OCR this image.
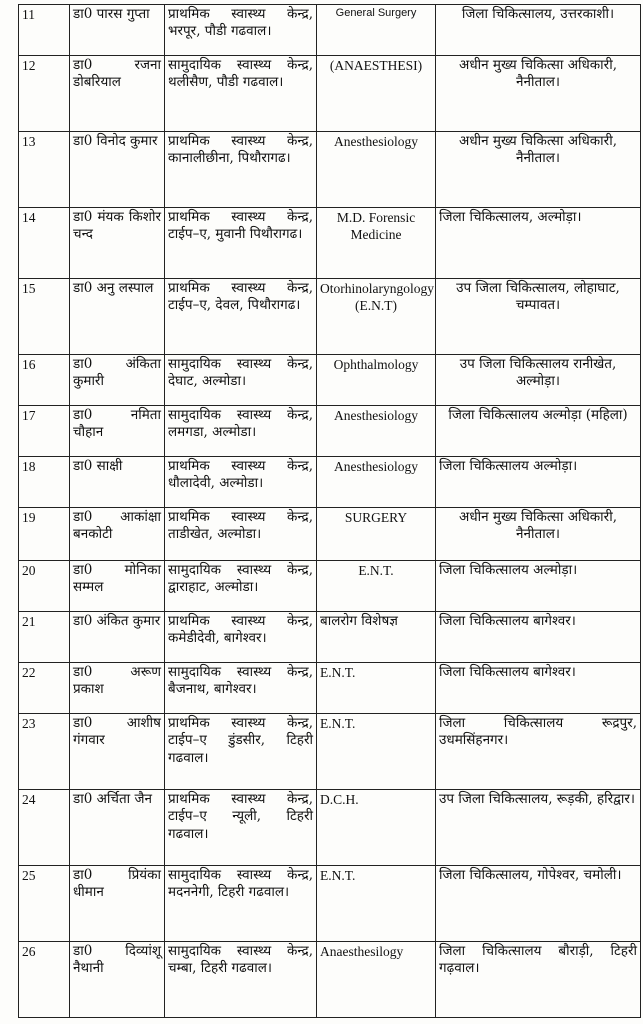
11	डा0 पारस गुप्ता	प्राथमिक स्वास्थ्य केन्द्र, भरपूर, पौडी गढवाल।	General Surgery	जिला चिकित्सालय, उत्तरकाशी।
12	डा0 रजना डोबरियाल	सामुदायिक स्वास्थ्य केन्द्र, थलीसैण, पौडी गढवाल।	(ANAESTHESI)	अधीन मुख्य चिकित्सा अधिकारी, नैनीताल।
13	डा0 विनोद कुमार	प्राथमिक स्वास्थ्य केन्द्र, कानालीछीना, पिथौरागढ।	Anesthesiology	अधीन मुख्य चिकित्सा अधिकारी, नैनीताल।
14	डा0 मंयक किशोर चन्द	प्राथमिक स्वास्थ्य केन्द्र, टाईप–ए, मुवानी पिथौरागढ।	M.D. Forensic Medicine	जिला चिकित्सालय, अल्मोड़ा।
15	डा0 अनु लस्पाल	प्राथमिक स्वास्थ्य केन्द्र, टाईप–ए, देवल, पिथौरागढ।	Otorhinolaryngology (E.N.T)	उप जिला चिकित्सालय, लोहाघाट, चम्पावत।
16	डा0 अंकिता कुमारी	सामुदायिक स्वास्थ्य केन्द्र, देघाट, अल्मोडा।	Ophthalmology	उप जिला चिकित्सालय रानीखेत, अल्मोड़ा।
17	डा0 नमिता चौहान	सामुदायिक स्वास्थ्य केन्द्र, लमगडा, अल्मोडा।	Anesthesiology	जिला चिकित्सालय अल्मोड़ा (महिला)
18	डा0 साक्षी	प्राथमिक स्वास्थ्य केन्द्र, धौलादेवी, अल्मोडा।	Anesthesiology	जिला चिकित्सालय अल्मोड़ा।
19	डा0 आकांक्षा बनकोटी	प्राथमिक स्वास्थ्य केन्द्र, ताडीखेत, अल्मोडा।	SURGERY	अधीन मुख्य चिकित्सा अधिकारी, नैनीताल।
20	डा0 मोनिका सम्मल	सामुदायिक स्वास्थ्य केन्द्र, द्वाराहाट, अल्मोडा।	E.N.T.	जिला चिकित्सालय अल्मोड़ा।
21	डा0 अंकित कुमार	प्राथमिक स्वास्थ्य केन्द्र, कमेडीदेवी, बागेश्वर।	बालरोग विशेषज्ञ	जिला चिकित्सालय बागेश्वर।
22	डा0 अरूण प्रकाश	सामुदायिक स्वास्थ्य केन्द्र, बैजनाथ, बागेश्वर।	E.N.T.	जिला चिकित्सालय बागेश्वर।
23	डा0 आशीष गंगवार	प्राथमिक स्वास्थ्य केन्द्र, टाईप–ए डुंडसीर, टिहरी गढवाल।	E.N.T.	जिला चिकित्सालय रूद्रपुर, उधमसिंहनगर।
24	डा0 अर्चिता जैन	प्राथमिक स्वास्थ्य केन्द्र, टाईप–ए न्यूली, टिहरी गढवाल।	D.C.H.	उप जिला चिकित्सालय, रूड़की, हरिद्वार।
25	डा0 प्रियंका धीमान	सामुदायिक स्वास्थ्य केन्द्र, मदननेगी, टिहरी गढवाल।	E.N.T.	जिला चिकित्सालय, गोपेश्वर, चमोली।
26	डा0 दिव्यांशू नैथानी	सामुदायिक स्वास्थ्य केन्द्र, चम्बा, टिहरी गढवाल।	Anaesthesilogy	जिला चिकित्सालय बौराड़ी, टिहरी गढ़वाल।
